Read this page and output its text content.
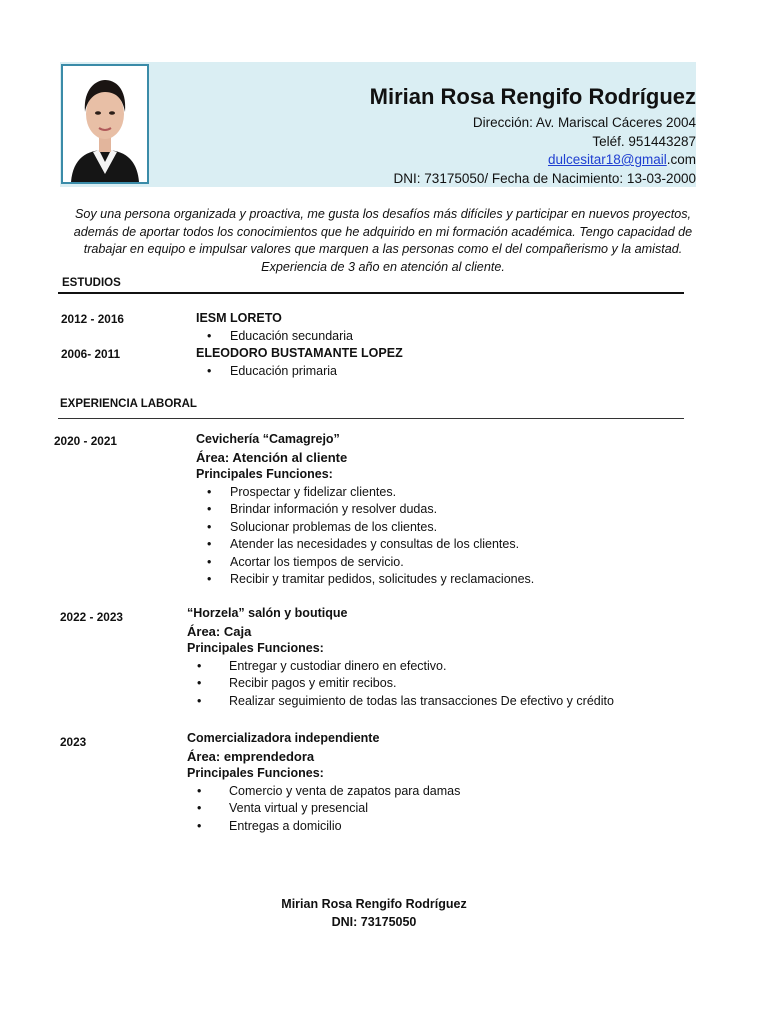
Mirian Rosa Rengifo Rodríguez
Dirección: Av. Mariscal Cáceres 2004
Teléf. 951443287
dulcesitar18@gmail.com
DNI: 73175050/ Fecha de Nacimiento: 13-03-2000
Soy una persona organizada y proactiva, me gusta los desafíos más difíciles y participar en nuevos proyectos,
además de aportar todos los conocimientos que he adquirido en mi formación académica. Tengo capacidad de
trabajar en equipo e impulsar valores que marquen a las personas como el del compañerismo y la amistad.
Experiencia de 3 año en atención al cliente.
ESTUDIOS
2012 - 2016	IESM LORETO
• Educación secundaria
2006- 2011	ELEODORO BUSTAMANTE LOPEZ
• Educación primaria
EXPERIENCIA LABORAL
2020 - 2021	Cevichería “Camagrejo”
Área: Atención al cliente
Principales Funciones:
• Prospectar y fidelizar clientes.
• Brindar información y resolver dudas.
• Solucionar problemas de los clientes.
• Atender las necesidades y consultas de los clientes.
• Acortar los tiempos de servicio.
• Recibir y tramitar pedidos, solicitudes y reclamaciones.
2022 - 2023	“Horzela” salón y boutique
Área: Caja
Principales Funciones:
• Entregar y custodiar dinero en efectivo.
• Recibir pagos y emitir recibos.
• Realizar seguimiento de todas las transacciones De efectivo y crédito
2023	Comercializadora independiente
Área: emprendedora
Principales Funciones:
• Comercio y venta de zapatos para damas
• Venta virtual y presencial
• Entregas a domicilio
Mirian Rosa Rengifo Rodríguez
DNI: 73175050
